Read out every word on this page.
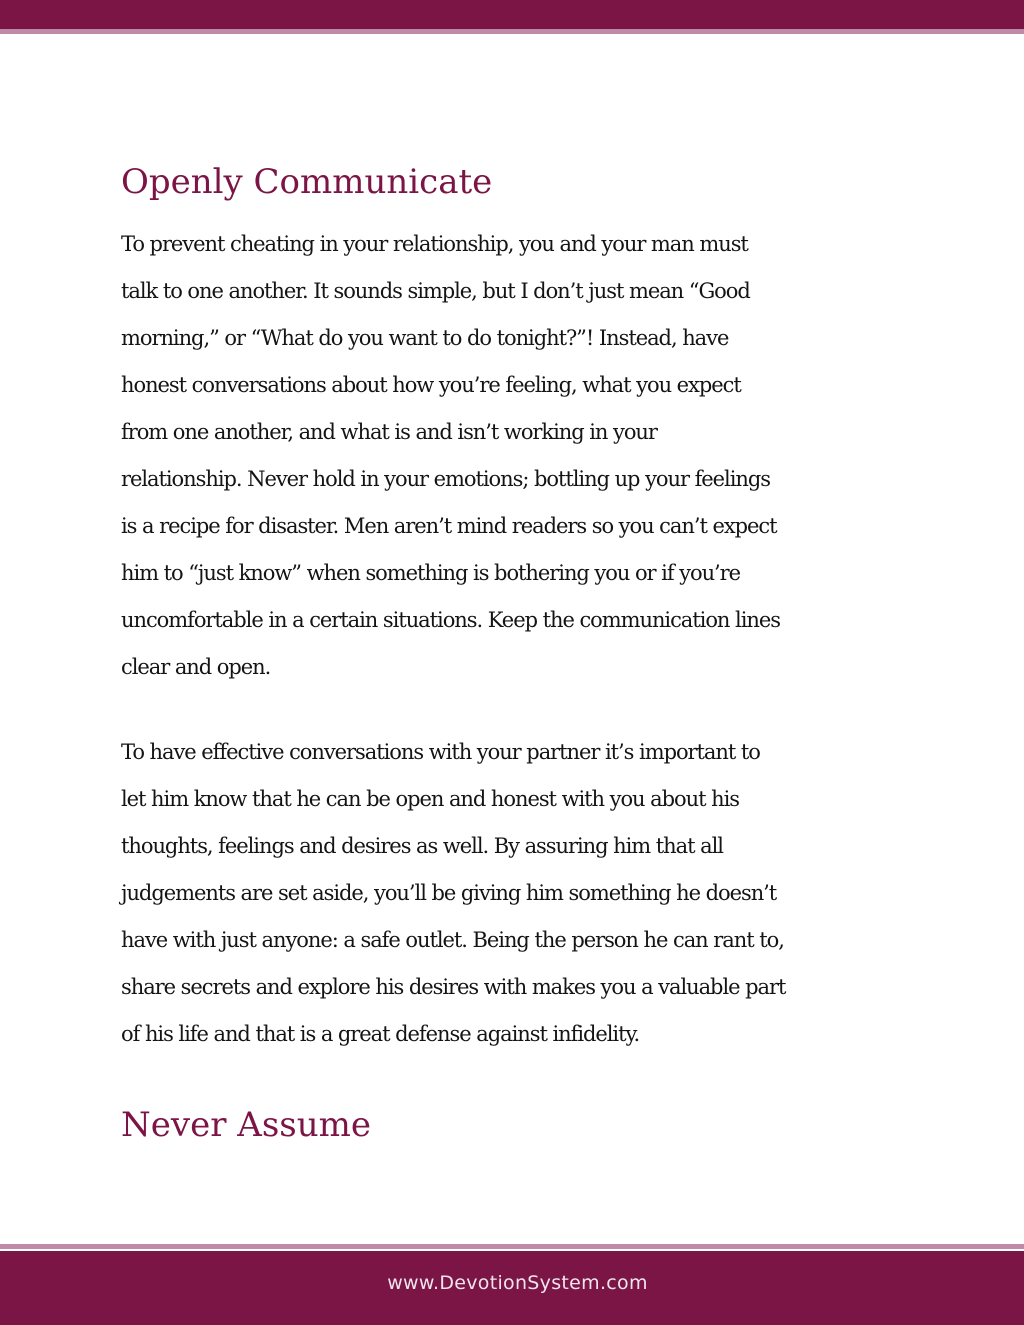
Openly Communicate

To prevent cheating in your relationship, you and your man must
talk to one another. It sounds simple, but I don’t just mean “Good
morning,” or “What do you want to do tonight?”! Instead, have
honest conversations about how you’re feeling, what you expect
from one another, and what is and isn’t working in your
relationship. Never hold in your emotions; bottling up your feelings
is a recipe for disaster. Men aren’t mind readers so you can’t expect
him to “just know” when something is bothering you or if you’re
uncomfortable in a certain situations. Keep the communication lines
clear and open.

To have effective conversations with your partner it’s important to
let him know that he can be open and honest with you about his
thoughts, feelings and desires as well. By assuring him that all
judgements are set aside, you’ll be giving him something he doesn’t
have with just anyone: a safe outlet. Being the person he can rant to,
share secrets and explore his desires with makes you a valuable part
of his life and that is a great defense against infidelity.

Never Assume
www.DevotionSystem.com
